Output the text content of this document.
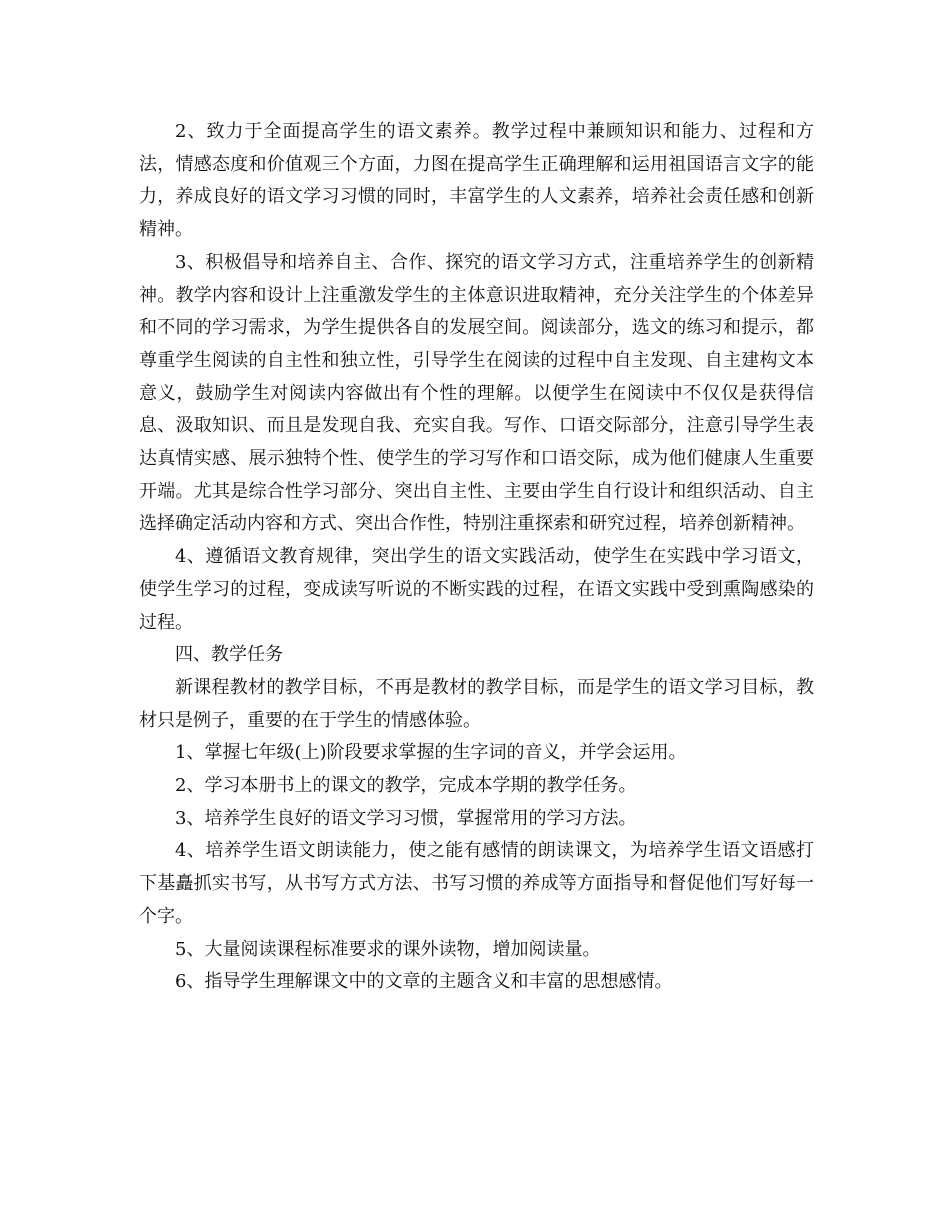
2、致力于全面提高学生的语文素养。教学过程中兼顾知识和能力、过程和方法，情感态度和价值观三个方面，力图在提高学生正确理解和运用祖国语言文字的能力，养成良好的语文学习习惯的同时，丰富学生的人文素养，培养社会责任感和创新精神。

3、积极倡导和培养自主、合作、探究的语文学习方式，注重培养学生的创新精神。教学内容和设计上注重激发学生的主体意识进取精神，充分关注学生的个体差异和不同的学习需求，为学生提供各自的发展空间。阅读部分，选文的练习和提示，都尊重学生阅读的自主性和独立性，引导学生在阅读的过程中自主发现、自主建构文本意义，鼓励学生对阅读内容做出有个性的理解。以便学生在阅读中不仅仅是获得信息、汲取知识、而且是发现自我、充实自我。写作、口语交际部分，注意引导学生表达真情实感、展示独特个性、使学生的学习写作和口语交际，成为他们健康人生重要开端。尤其是综合性学习部分、突出自主性、主要由学生自行设计和组织活动、自主选择确定活动内容和方式、突出合作性，特别注重探索和研究过程，培养创新精神。

4、遵循语文教育规律，突出学生的语文实践活动，使学生在实践中学习语文，使学生学习的过程，变成读写听说的不断实践的过程，在语文实践中受到熏陶感染的过程。

四、教学任务

新课程教材的教学目标，不再是教材的教学目标，而是学生的语文学习目标，教材只是例子，重要的在于学生的情感体验。

1、掌握七年级(上)阶段要求掌握的生字词的音义，并学会运用。

2、学习本册书上的课文的教学，完成本学期的教学任务。

3、培养学生良好的语文学习习惯，掌握常用的学习方法。

4、培养学生语文朗读能力，使之能有感情的朗读课文，为培养学生语文语感打下基矗抓实书写，从书写方式方法、书写习惯的养成等方面指导和督促他们写好每一个字。

5、大量阅读课程标准要求的课外读物，增加阅读量。

6、指导学生理解课文中的文章的主题含义和丰富的思想感情。
